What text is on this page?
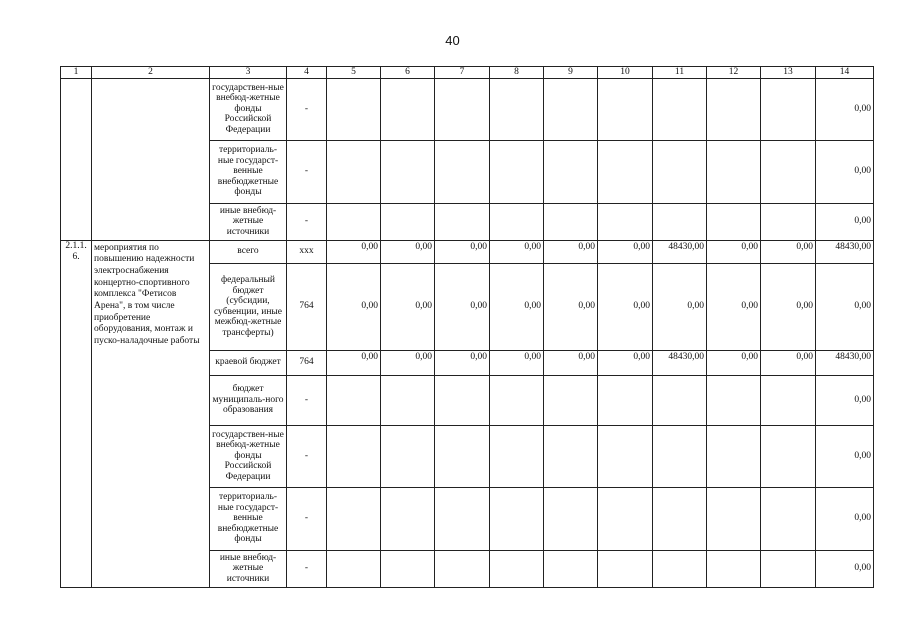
40
1	2	3	4	5	6	7	8	9	10	11	12	13	14
		государствен-ные внебюд-жетные фонды Российской Федерации	-										0,00
		территориаль-ные государст-венные внебюджетные фонды	-										0,00
		иные внебюд-жетные источники	-										0,00
2.1.1. 6.	мероприятия по повышению надежности электроснабжения концертно-спортивного комплекса "Фетисов Арена", в том числе приобретение оборудования, монтаж и пуско-наладочные работы	всего	xxx	0,00	0,00	0,00	0,00	0,00	0,00	48430,00	0,00	0,00	48430,00
		федеральный бюджет (субсидии, субвенции, иные межбюд-жетные трансферты)	764	0,00	0,00	0,00	0,00	0,00	0,00	0,00	0,00	0,00	0,00
		краевой бюджет	764	0,00	0,00	0,00	0,00	0,00	0,00	48430,00	0,00	0,00	48430,00
		бюджет муниципаль-ного образования	-										0,00
		государствен-ные внебюд-жетные фонды Российской Федерации	-										0,00
		территориаль-ные государст-венные внебюджетные фонды	-										0,00
		иные внебюд-жетные источники	-										0,00
